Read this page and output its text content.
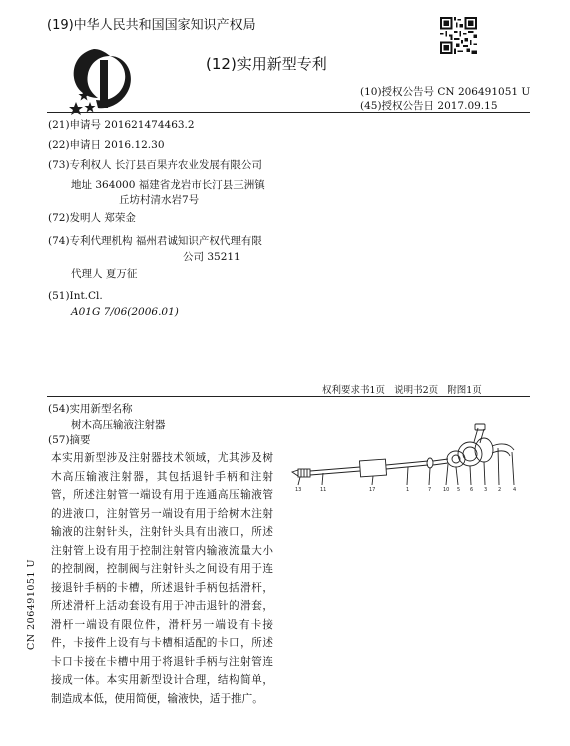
(19)中华人民共和国国家知识产权局
(12)实用新型专利
(10)授权公告号 CN 206491051 U
(45)授权公告日 2017.09.15
(21)申请号 201621474463.2
(22)申请日 2016.12.30
(73)专利权人 长汀县百果卉农业发展有限公司
地址 364000 福建省龙岩市长汀县三洲镇
丘坊村清水岩7号
(72)发明人 郑荣金
(74)专利代理机构 福州君诚知识产权代理有限
公司 35211
代理人 夏万征
(51)Int.Cl.
A01G 7/06(2006.01)
权利要求书1页   说明书2页   附图1页
(54)实用新型名称
树木高压输液注射器
(57)摘要
本实用新型涉及注射器技术领域，尤其涉及树木高压输液注射器，其包括退针手柄和注射管，所述注射管一端设有用于连通高压输液管的进液口，注射管另一端设有用于给树木注射输液的注射针头，注射针头具有出液口，所述注射管上设有用于控制注射管内输液流量大小的控制阀，控制阀与注射针头之间设有用于连接退针手柄的卡槽，所述退针手柄包括滑杆，所述滑杆上活动套设有用于冲击退针的滑套，滑杆一端设有限位件，滑杆另一端设有卡接件，卡接件上设有与卡槽相适配的卡口，所述卡口卡接在卡槽中用于将退针手柄与注射管连接成一体。本实用新型设计合理，结构简单，制造成本低，使用简便，输液快，适于推广。
13	11	17	1	7 10 5 6 3 2 4
CN 206491051 U
